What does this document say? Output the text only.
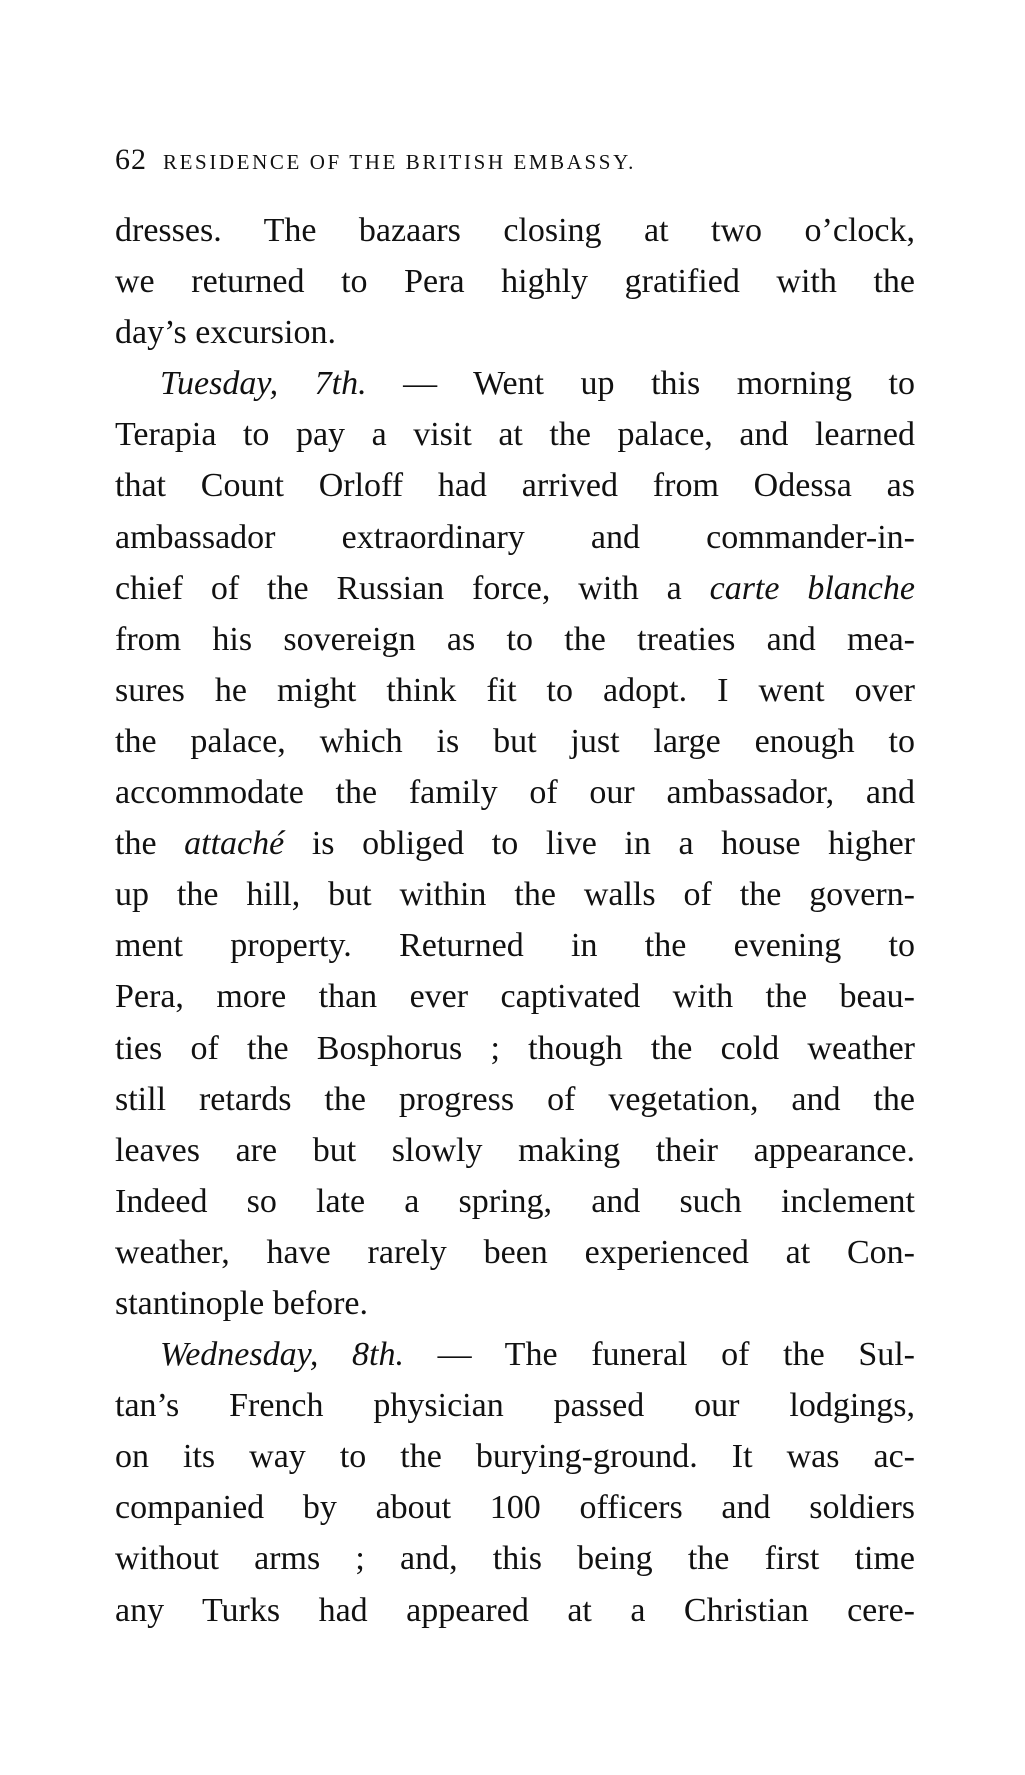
62 RESIDENCE OF THE BRITISH EMBASSY.
dresses. The bazaars closing at two o’clock,
we returned to Pera highly gratified with the
day’s excursion.
Tuesday, 7th. — Went up this morning to
Terapia to pay a visit at the palace, and learned
that Count Orloff had arrived from Odessa as
ambassador extraordinary and commander-in-
chief of the Russian force, with a carte blanche
from his sovereign as to the treaties and mea-
sures he might think fit to adopt. I went over
the palace, which is but just large enough to
accommodate the family of our ambassador, and
the attaché is obliged to live in a house higher
up the hill, but within the walls of the govern-
ment property. Returned in the evening to
Pera, more than ever captivated with the beau-
ties of the Bosphorus ; though the cold weather
still retards the progress of vegetation, and the
leaves are but slowly making their appearance.
Indeed so late a spring, and such inclement
weather, have rarely been experienced at Con-
stantinople before.
Wednesday, 8th. — The funeral of the Sul-
tan’s French physician passed our lodgings,
on its way to the burying-ground. It was ac-
companied by about 100 officers and soldiers
without arms ; and, this being the first time
any Turks had appeared at a Christian cere-
